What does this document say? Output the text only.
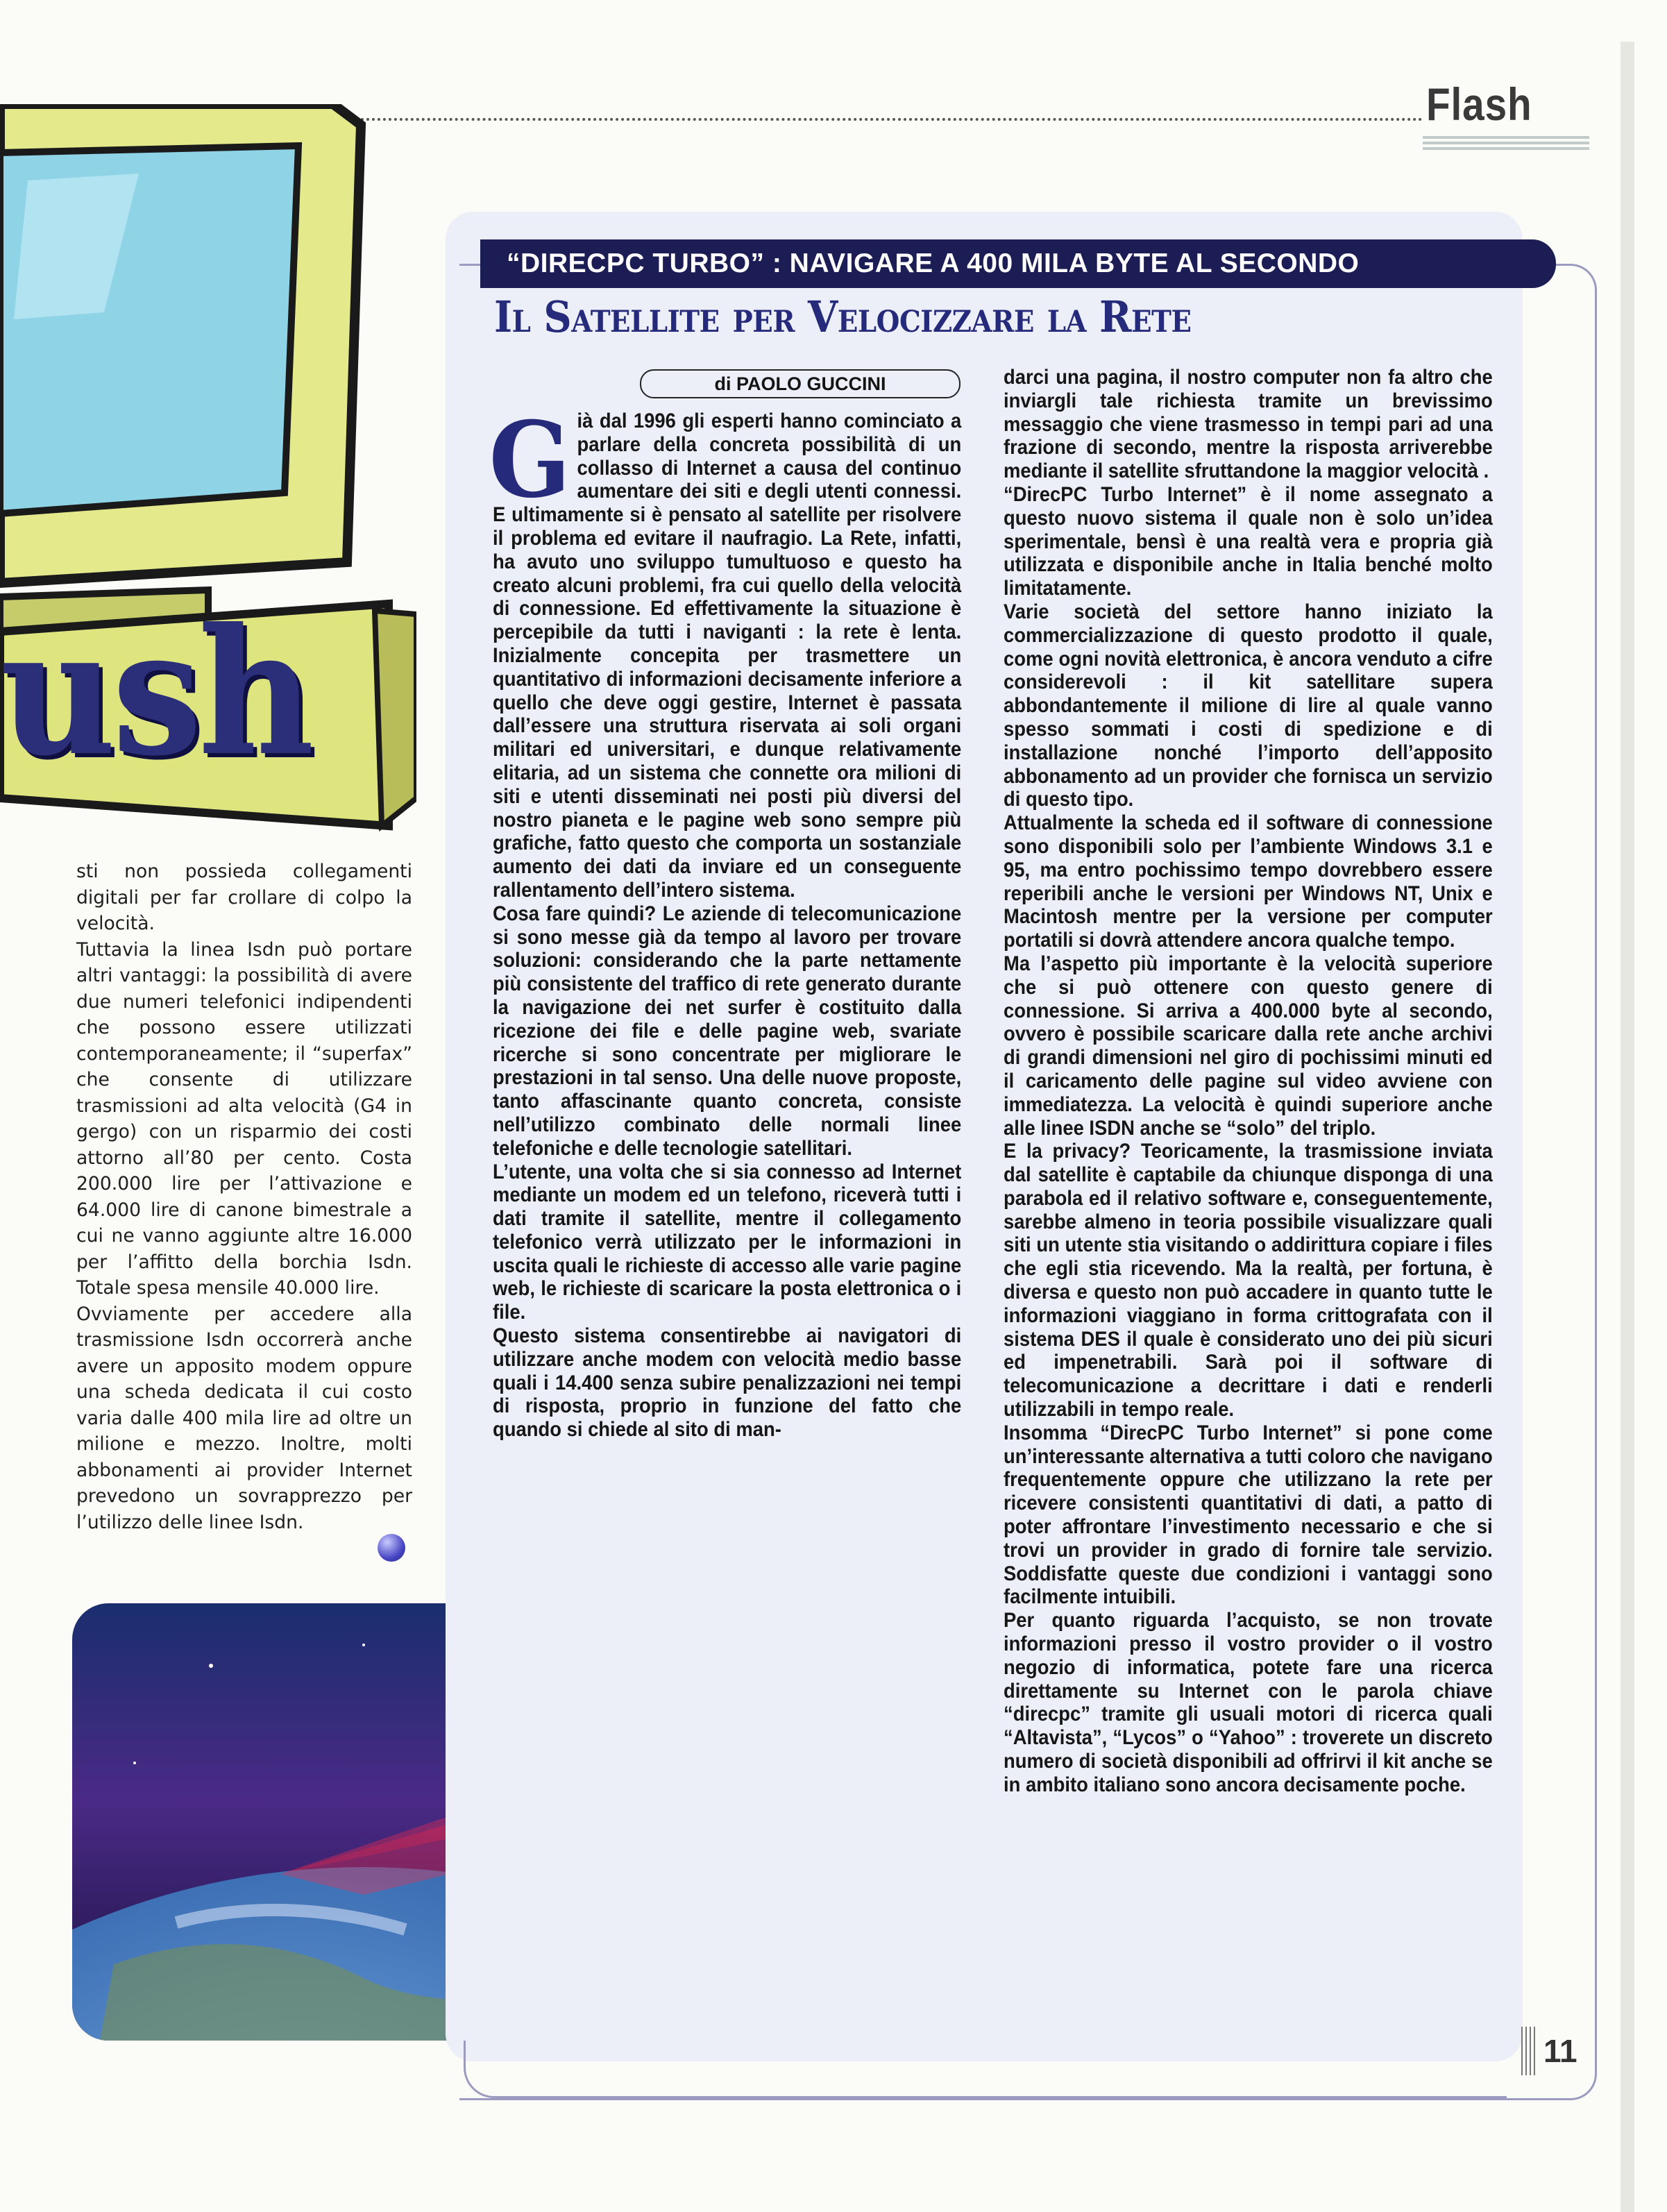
Flash
ush

sti non possieda collegamenti digitali per far crollare di colpo la velocità.

Tuttavia la linea Isdn può portare altri vantaggi: la possibilità di avere due numeri telefonici indipendenti che possono essere utilizzati contemporaneamente; il “superfax” che consente di utilizzare trasmissioni ad alta velocità (G4 in gergo) con un risparmio dei costi attorno all’80 per cento. Costa 200.000 lire per l’attivazione e 64.000 lire di canone bimestrale a cui ne vanno aggiunte altre 16.000 per l’affitto della borchia Isdn. Totale spesa mensile 40.000 lire.

Ovviamente per accedere alla trasmissione Isdn occorrerà anche avere un apposito modem oppure una scheda dedicata il cui costo varia dalle 400 mila lire ad oltre un milione e mezzo. Inoltre, molti abbonamenti ai provider Internet prevedono un sovrapprezzo per l’utilizzo delle linee Isdn.

“DIRECPC TURBO” : NAVIGARE A 400 MILA BYTE AL SECONDO
Il Satellite per Velocizzare la Rete
di PAOLO GUCCINI

Già dal 1996 gli esperti hanno cominciato a parlare della concreta possibilità di un collasso di Internet a causa del continuo aumentare dei siti e degli utenti connessi. E ultimamente si è pensato al satellite per risolvere il problema ed evitare il naufragio. La Rete, infatti, ha avuto uno sviluppo tumultuoso e questo ha creato alcuni problemi, fra cui quello della velocità di connessione. Ed effettivamente la situazione è percepibile da tutti i naviganti : la rete è lenta. Inizialmente concepita per trasmettere un quantitativo di informazioni decisamente inferiore a quello che deve oggi gestire, Internet è passata dall’essere una struttura riservata ai soli organi militari ed universitari, e dunque relativamente elitaria, ad un sistema che connette ora milioni di siti e utenti disseminati nei posti più diversi del nostro pianeta e le pagine web sono sempre più grafiche, fatto questo che comporta un sostanziale aumento dei dati da inviare ed un conseguente rallentamento dell’intero sistema.

Cosa fare quindi? Le aziende di telecomunicazione si sono messe già da tempo al lavoro per trovare soluzioni: considerando che la parte nettamente più consistente del traffico di rete generato durante la navigazione dei net surfer è costituito dalla ricezione dei file e delle pagine web, svariate ricerche si sono concentrate per migliorare le prestazioni in tal senso. Una delle nuove proposte, tanto affascinante quanto concreta, consiste nell’utilizzo combinato delle normali linee telefoniche e delle tecnologie satellitari.

L’utente, una volta che si sia connesso ad Internet mediante un modem ed un telefono, riceverà tutti i dati tramite il satellite, mentre il collegamento telefonico verrà utilizzato per le informazioni in uscita quali le richieste di accesso alle varie pagine web, le richieste di scaricare la posta elettronica o i file.

Questo sistema consentirebbe ai navigatori di utilizzare anche modem con velocità medio basse quali i 14.400 senza subire penalizzazioni nei tempi di risposta, proprio in funzione del fatto che quando si chiede al sito di man-

darci una pagina, il nostro computer non fa altro che inviargli tale richiesta tramite un brevissimo messaggio che viene trasmesso in tempi pari ad una frazione di secondo, mentre la risposta arriverebbe mediante il satellite sfruttandone la maggior velocità .

“DirecPC Turbo Internet” è il nome assegnato a questo nuovo sistema il quale non è solo un’idea sperimentale, bensì è una realtà vera e propria già utilizzata e disponibile anche in Italia benché molto limitatamente.

Varie società del settore hanno iniziato la commercializzazione di questo prodotto il quale, come ogni novità elettronica, è ancora venduto a cifre considerevoli : il kit satellitare supera abbondantemente il milione di lire al quale vanno spesso sommati i costi di spedizione e di installazione nonché l’importo dell’apposito abbonamento ad un provider che fornisca un servizio di questo tipo.

Attualmente la scheda ed il software di connessione sono disponibili solo per l’ambiente Windows 3.1 e 95, ma entro pochissimo tempo dovrebbero essere reperibili anche le versioni per Windows NT, Unix e Macintosh mentre per la versione per computer portatili si dovrà attendere ancora qualche tempo.

Ma l’aspetto più importante è la velocità superiore che si può ottenere con questo genere di connessione. Si arriva a 400.000 byte al secondo, ovvero è possibile scaricare dalla rete anche archivi di grandi dimensioni nel giro di pochissimi minuti ed il caricamento delle pagine sul video avviene con immediatezza. La velocità è quindi superiore anche alle linee ISDN anche se “solo” del triplo.

E la privacy? Teoricamente, la trasmissione inviata dal satellite è captabile da chiunque disponga di una parabola ed il relativo software e, conseguentemente, sarebbe almeno in teoria possibile visualizzare quali siti un utente stia visitando o addirittura copiare i files che egli stia ricevendo. Ma la realtà, per fortuna, è diversa e questo non può accadere in quanto tutte le informazioni viaggiano in forma crittografata con il sistema DES il quale è considerato uno dei più sicuri ed impenetrabili. Sarà poi il software di telecomunicazione a decrittare i dati e renderli utilizzabili in tempo reale.

Insomma “DirecPC Turbo Internet” si pone come un’interessante alternativa a tutti coloro che navigano frequentemente oppure che utilizzano la rete per ricevere consistenti quantitativi di dati, a patto di poter affrontare l’investimento necessario e che si trovi un provider in grado di fornire tale servizio. Soddisfatte queste due condizioni i vantaggi sono facilmente intuibili.

Per quanto riguarda l’acquisto, se non trovate informazioni presso il vostro provider o il vostro negozio di informatica, potete fare una ricerca direttamente su Internet con le parola chiave “direcpc” tramite gli usuali motori di ricerca quali “Altavista”, “Lycos” o “Yahoo” : troverete un discreto numero di società disponibili ad offrirvi il kit anche se in ambito italiano sono ancora decisamente poche.

11
